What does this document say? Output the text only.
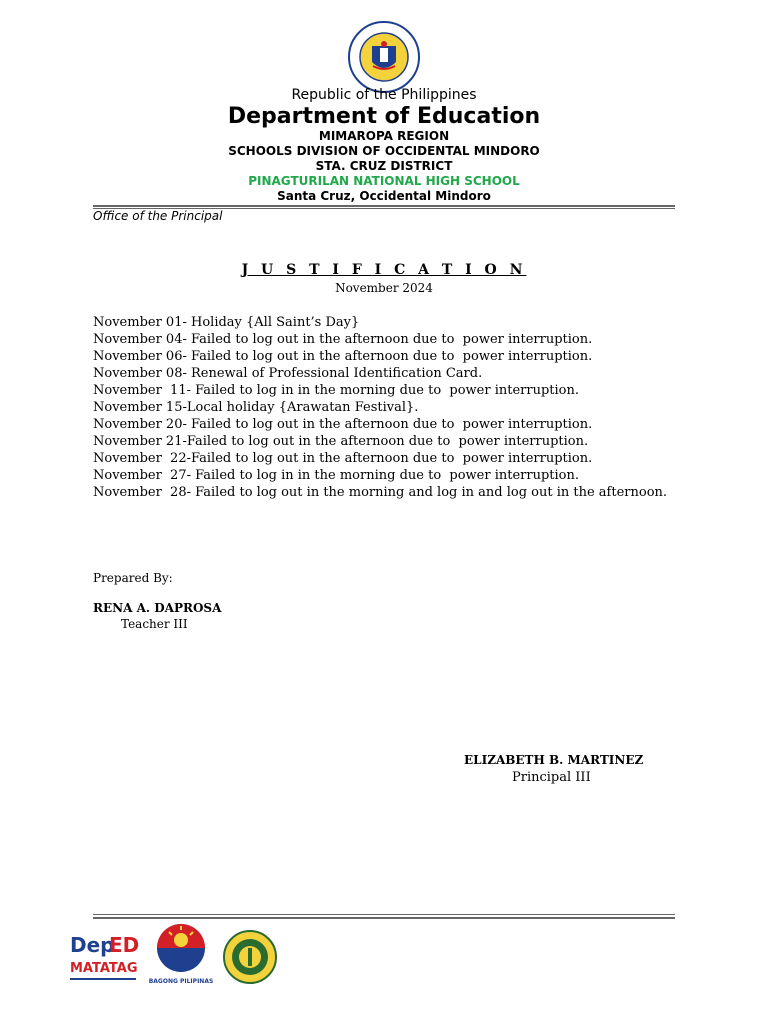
Republic of the Philippines
Department of Education
MIMAROPA REGION
SCHOOLS DIVISION OF OCCIDENTAL MINDORO
STA. CRUZ DISTRICT
PINAGTURILAN NATIONAL HIGH SCHOOL
Santa Cruz, Occidental Mindoro
Office of the Principal
J U S T I F I C A T I O N
November 2024
November 01- Holiday {All Saint’s Day}
November 04- Failed to log out in the afternoon due to  power interruption.
November 06- Failed to log out in the afternoon due to  power interruption.
November 08- Renewal of Professional Identification Card.
November  11- Failed to log in in the morning due to  power interruption.
November 15-Local holiday {Arawatan Festival}.
November 20- Failed to log out in the afternoon due to  power interruption.
November 21-Failed to log out in the afternoon due to  power interruption.
November  22-Failed to log out in the afternoon due to  power interruption.
November  27- Failed to log in in the morning due to  power interruption.
November  28- Failed to log out in the morning and log in and log out in the afternoon.
Prepared By:
RENA A. DAPROSA
Teacher III
ELIZABETH B. MARTINEZ
Principal III
Dep
ED
MATATAG
BAGONG PILIPINAS
